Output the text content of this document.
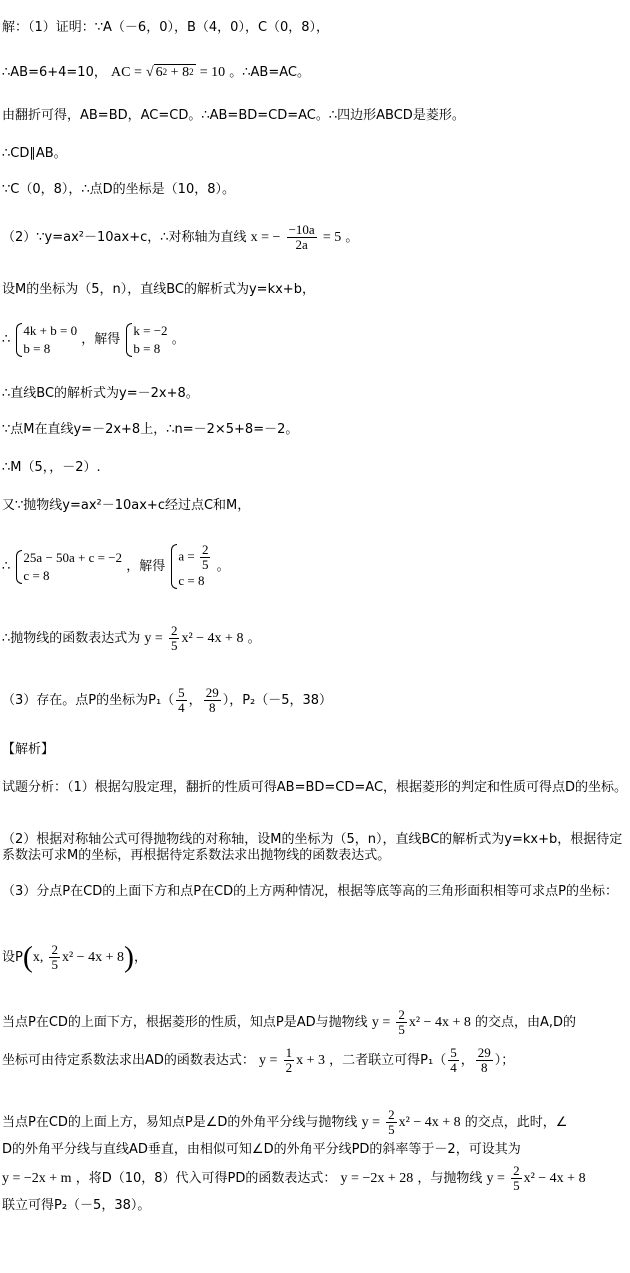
解：（1）证明：∵A（－6，0），B（4，0），C（0，8），
∴AB=6+4=10， AC = √ $6^2 + 8^2 = 10$ 。∴AB=AC。
由翻折可得，AB=BD，AC=CD。∴AB=BD=CD=AC。∴四边形ABCD是菱形。
∴CD∥AB。
∵C（0，8），∴点D的坐标是（10，8）。
（2）∵y=ax²－10ax+c，∴对称轴为直线 x = − $\frac{-10a}{2a} = 5$ 。
设M的坐标为（5，n），直线BC的解析式为y=kx+b，
∴
4k + b = 0
b = 8
，解得
k = −2
b = 8
。
∴直线BC的解析式为y=－2x+8。
∵点M在直线y=－2x+8上，∴n=－2×5+8=－2。
∴M（5，，－2）.
又∵抛物线y=ax²－10ax+c经过点C和M，
∴
25a − 50a + c = −2
c = 8
，解得
$a = \frac{2}{5}$
c = 8
。
∴抛物线的函数表达式为 $y = \frac{2}{5} x^2 - 4x + 8$ 。
（3）存在。点P的坐标为$P_1( \frac{5}{4}$ ， $\frac{29}{8}$ ），P₂（－5，38）
【解析】
试题分析：（1）根据勾股定理，翻折的性质可得AB=BD=CD=AC，根据菱形的判定和性质可得点D的坐标。
（2）根据对称轴公式可得抛物线的对称轴，设M的坐标为（5，n），直线BC的解析式为y=kx+b，根据待定系数法可求M的坐标，再根据待定系数法求出抛物线的函数表达式。
（3）分点P在CD的上面下方和点P在CD的上方两种情况，根据等底等高的三角形面积相等可求点P的坐标：
设P(x, $\frac{2}{5} x^2 - 4x + 8$)，
当点P在CD的上面下方，根据菱形的性质，知点P是AD与抛物线 $y = \frac{2}{5} x^2 - 4x + 8$ 的交点，由A,D的
坐标可由待定系数法求出AD的函数表达式： $y = \frac{1}{2}$ x + 3 ，二者联立可得$P_1( \frac{5}{4}$ ， $\frac{29}{8}$ ）；
当点P在CD的上面上方，易知点P是∠D的外角平分线与抛物线 $y = \frac{2}{5} x^2 - 4x + 8$ 的交点，此时，∠
D的外角平分线与直线AD垂直，由相似可知∠D的外角平分线PD的斜率等于－2，可设其为
y = −2x + m ，将D（10，8）代入可得PD的函数表达式： y = −2x + 28 ，与抛物线 $y = \frac{2}{5} x^2 - 4x + 8$
联立可得P₂（－5，38）。
